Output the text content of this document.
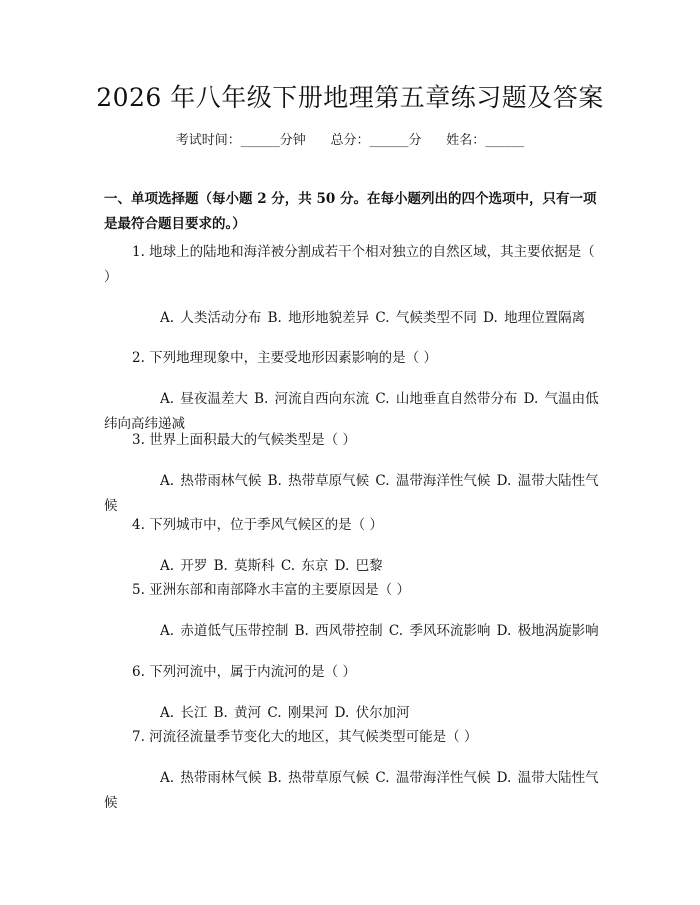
2026 年八年级下册地理第五章练习题及答案
考试时间：______分钟      总分：______分      姓名：______
一、单项选择题（每小题 2 分，共 50 分。在每小题列出的四个选项中，只有一项是最符合题目要求的。）
1. 地球上的陆地和海洋被分割成若干个相对独立的自然区域，其主要依据是（ ）
A. 人类活动分布 B. 地形地貌差异 C. 气候类型不同 D. 地理位置隔离
2. 下列地理现象中，主要受地形因素影响的是（ ）
A. 昼夜温差大 B. 河流自西向东流 C. 山地垂直自然带分布 D. 气温由低纬向高纬递减
3. 世界上面积最大的气候类型是（ ）
A. 热带雨林气候 B. 热带草原气候 C. 温带海洋性气候 D. 温带大陆性气候
4. 下列城市中，位于季风气候区的是（ ）
A. 开罗 B. 莫斯科 C. 东京 D. 巴黎
5. 亚洲东部和南部降水丰富的主要原因是（ ）
A. 赤道低气压带控制 B. 西风带控制 C. 季风环流影响 D. 极地涡旋影响
6. 下列河流中，属于内流河的是（ ）
A. 长江 B. 黄河 C. 刚果河 D. 伏尔加河
7. 河流径流量季节变化大的地区，其气候类型可能是（ ）
A. 热带雨林气候 B. 热带草原气候 C. 温带海洋性气候 D. 温带大陆性气候
